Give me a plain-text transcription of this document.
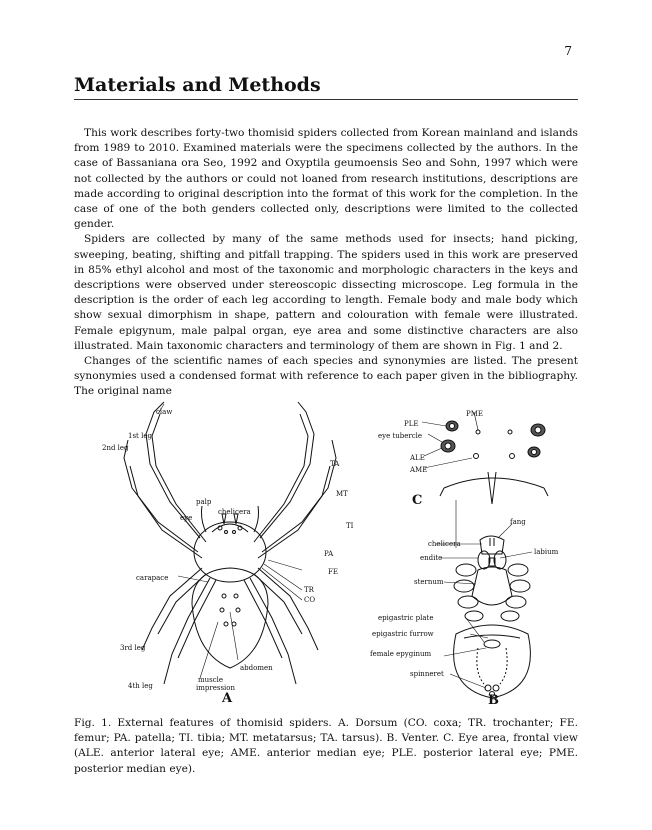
7
Materials and Methods

This work describes forty-two thomisid spiders collected from Korean mainland and islands from 1989 to 2010. Examined materials were the specimens collected by the authors. In the case of Bassaniana ora Seo, 1992 and Oxyptila geumoensis Seo and Sohn, 1997 which were not collected by the authors or could not loaned from research institutions, descriptions are made according to original description into the format of this work for the completion. In the case of one of the both genders collected only, descriptions were limited to the collected gender.

Spiders are collected by many of the same methods used for insects; hand picking, sweeping, beating, shifting and pitfall trapping. The spiders used in this work are preserved in 85% ethyl alcohol and most of the taxonomic and morphologic characters in the keys and descriptions were observed under stereoscopic dissecting microscope. Leg formula in the description is the order of each leg according to length. Female body and male body which show sexual dimorphism in shape, pattern and colouration with female were illustrated. Female epigynum, male palpal organ, eye area and some distinctive characters are also illustrated. Main taxonomic characters and terminology of them are shown in Fig. 1 and 2.

Changes of the scientific names of each species and synonymies are listed. The present synonymies used a condensed format with reference to each paper given in the bibliography. The original name

claw
1st leg
2nd leg
TA
MT
TI
PA
FE
TR
CO
palp
eye
chelicera
carapace
3rd leg
abdomen
muscle
impression
4th leg
A
PME
PLE
eye tubercle
ALE
AME
C
fang
chelicera
labium
endite
sternum
epigastric plate
epigastric furrow
female epyginum
spinneret
B

Fig. 1. External features of thomisid spiders. A. Dorsum (CO. coxa; TR. trochanter; FE. femur; PA. patella; TI. tibia; MT. metatarsus; TA. tarsus). B. Venter. C. Eye area, frontal view (ALE. anterior lateral eye; AME. anterior median eye; PLE. posterior lateral eye; PME. posterior median eye).
